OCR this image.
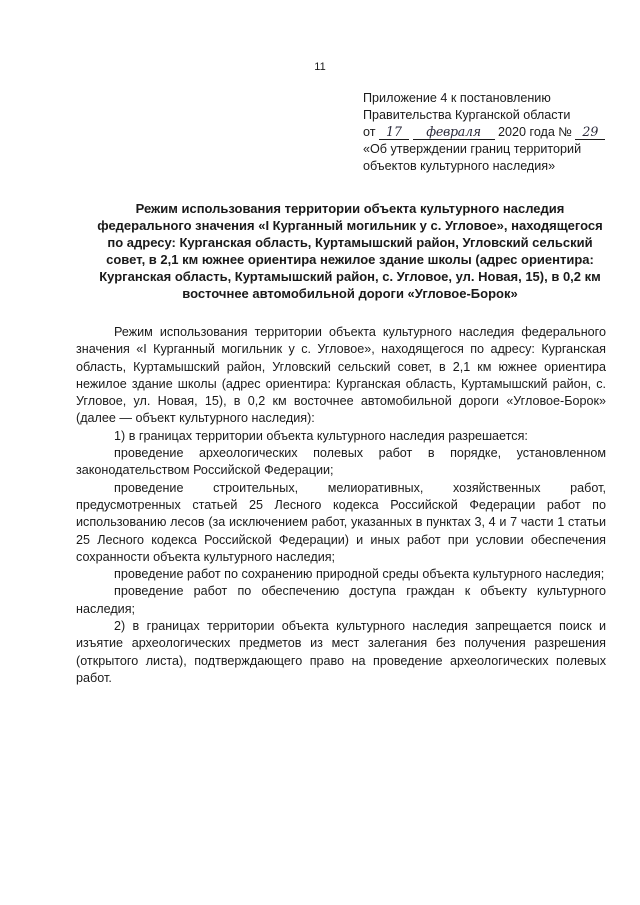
11
Приложение 4 к постановлению
Правительства Курганской области
от 17 февраля 2020 года № 29
«Об утверждении границ территорий
объектов культурного наследия»
Режим использования территории объекта культурного наследия федерального значения «I Курганный могильник у с. Угловое», находящегося по адресу: Курганская область, Куртамышский район, Угловский сельский совет, в 2,1 км южнее ориентира нежилое здание школы (адрес ориентира: Курганская область, Куртамышский район, с. Угловое, ул. Новая, 15), в 0,2 км восточнее автомобильной дороги «Угловое-Борок»

Режим использования территории объекта культурного наследия федерального значения «I Курганный могильник у с. Угловое», находящегося по адресу: Курганская область, Куртамышский район, Угловский сельский совет, в 2,1 км южнее ориентира нежилое здание школы (адрес ориентира: Курганская область, Куртамышский район, с. Угловое, ул. Новая, 15), в 0,2 км восточнее автомобильной дороги «Угловое-Борок» (далее — объект культурного наследия):

1) в границах территории объекта культурного наследия разрешается:

проведение археологических полевых работ в порядке, установленном законодательством Российской Федерации;

проведение строительных, мелиоративных, хозяйственных работ, предусмотренных статьей 25 Лесного кодекса Российской Федерации работ по использованию лесов (за исключением работ, указанных в пунктах 3, 4 и 7 части 1 статьи 25 Лесного кодекса Российской Федерации) и иных работ при условии обеспечения сохранности объекта культурного наследия;

проведение работ по сохранению природной среды объекта культурного наследия;

проведение работ по обеспечению доступа граждан к объекту культурного наследия;

2) в границах территории объекта культурного наследия запрещается поиск и изъятие археологических предметов из мест залегания без получения разрешения (открытого листа), подтверждающего право на проведение археологических полевых работ.
